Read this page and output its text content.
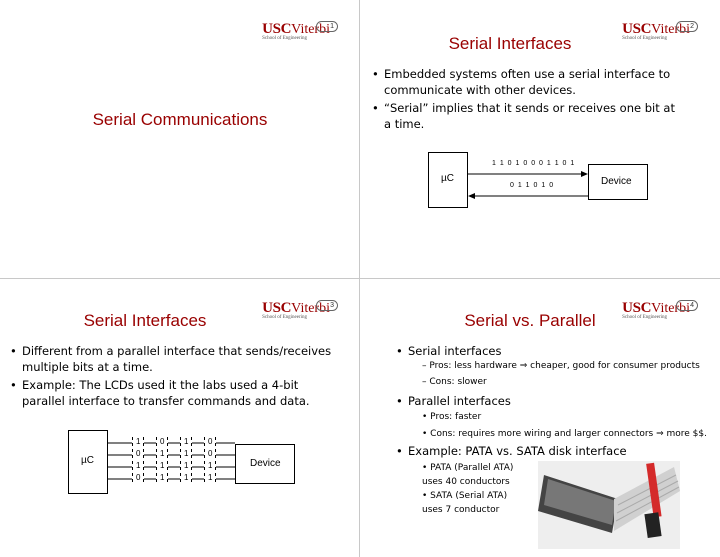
USCViterbi
School of Engineering
1
Serial Communications
USCViterbi
School of Engineering
2
Serial Interfaces
• Embedded systems often use a serial interface to communicate with other devices.
• “Serial” implies that it sends or receives one bit at a time.
µC	Device
1 1 0 1 0 0 0 1 1 0 1
0 1 1 0 1 0
USCViterbi
School of Engineering
3
Serial Interfaces
• Different from a parallel interface that sends/receives multiple bits at a time.
• Example: The LCDs used it the labs used a 4-bit parallel interface to transfer commands and data.
µC	Device
1	0	1	0
0	1	1	0
1	1	1	1
0	1	1	1
USCViterbi
School of Engineering
4
Serial vs. Parallel
• Serial interfaces
– Pros: less hardware ⇒ cheaper, good for consumer products
– Cons: slower
• Parallel interfaces
• Pros: faster
• Cons: requires more wiring and larger connectors ⇒ more $$.
• Example: PATA vs. SATA disk interface
• PATA (Parallel ATA) uses 40 conductors
• SATA (Serial ATA) uses 7 conductor
